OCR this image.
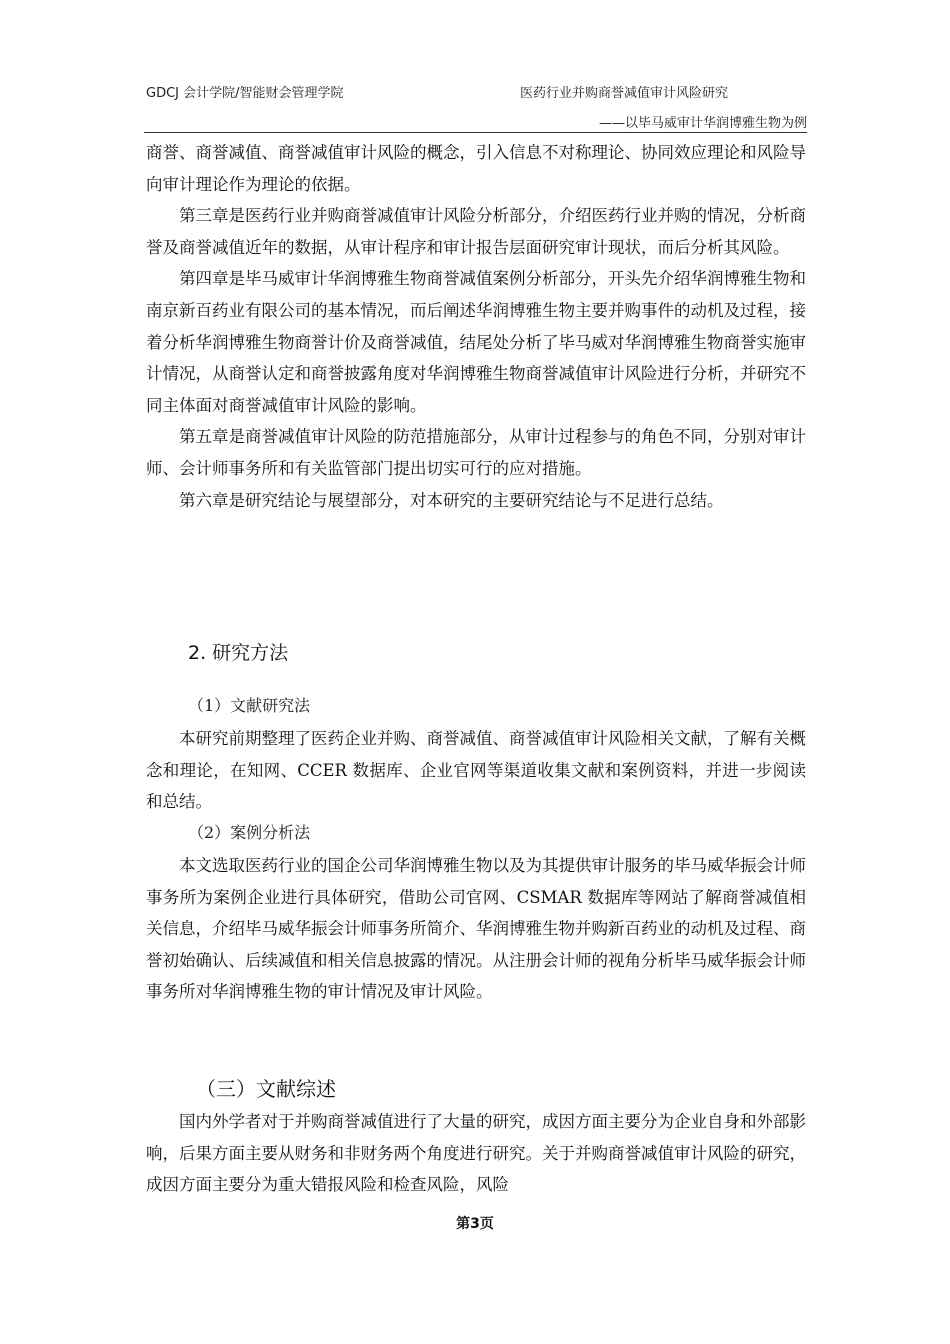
GDCJ 会计学院/智能财会管理学院	医药行业并购商誉减值审计风险研究
——以毕马威审计华润博雅生物为例

商誉、商誉减值、商誉减值审计风险的概念，引入信息不对称理论、协同效应理论和风险导向审计理论作为理论的依据。

第三章是医药行业并购商誉减值审计风险分析部分，介绍医药行业并购的情况，分析商誉及商誉减值近年的数据，从审计程序和审计报告层面研究审计现状，而后分析其风险。

第四章是毕马威审计华润博雅生物商誉减值案例分析部分，开头先介绍华润博雅生物和南京新百药业有限公司的基本情况，而后阐述华润博雅生物主要并购事件的动机及过程，接着分析华润博雅生物商誉计价及商誉减值，结尾处分析了毕马威对华润博雅生物商誉实施审计情况，从商誉认定和商誉披露角度对华润博雅生物商誉减值审计风险进行分析，并研究不同主体面对商誉减值审计风险的影响。

第五章是商誉减值审计风险的防范措施部分，从审计过程参与的角色不同，分别对审计师、会计师事务所和有关监管部门提出切实可行的应对措施。

第六章是研究结论与展望部分，对本研究的主要研究结论与不足进行总结。

2. 研究方法
（1）文献研究法

本研究前期整理了医药企业并购、商誉减值、商誉减值审计风险相关文献，了解有关概念和理论，在知网、CCER 数据库、企业官网等渠道收集文献和案例资料，并进一步阅读和总结。

（2）案例分析法

本文选取医药行业的国企公司华润博雅生物以及为其提供审计服务的毕马威华振会计师事务所为案例企业进行具体研究，借助公司官网、CSMAR 数据库等网站了解商誉减值相关信息，介绍毕马威华振会计师事务所简介、华润博雅生物并购新百药业的动机及过程、商誉初始确认、后续减值和相关信息披露的情况。从注册会计师的视角分析毕马威华振会计师事务所对华润博雅生物的审计情况及审计风险。

（三）文献综述

国内外学者对于并购商誉减值进行了大量的研究，成因方面主要分为企业自身和外部影响，后果方面主要从财务和非财务两个角度进行研究。关于并购商誉减值审计风险的研究，成因方面主要分为重大错报风险和检查风险，风险

第3页
